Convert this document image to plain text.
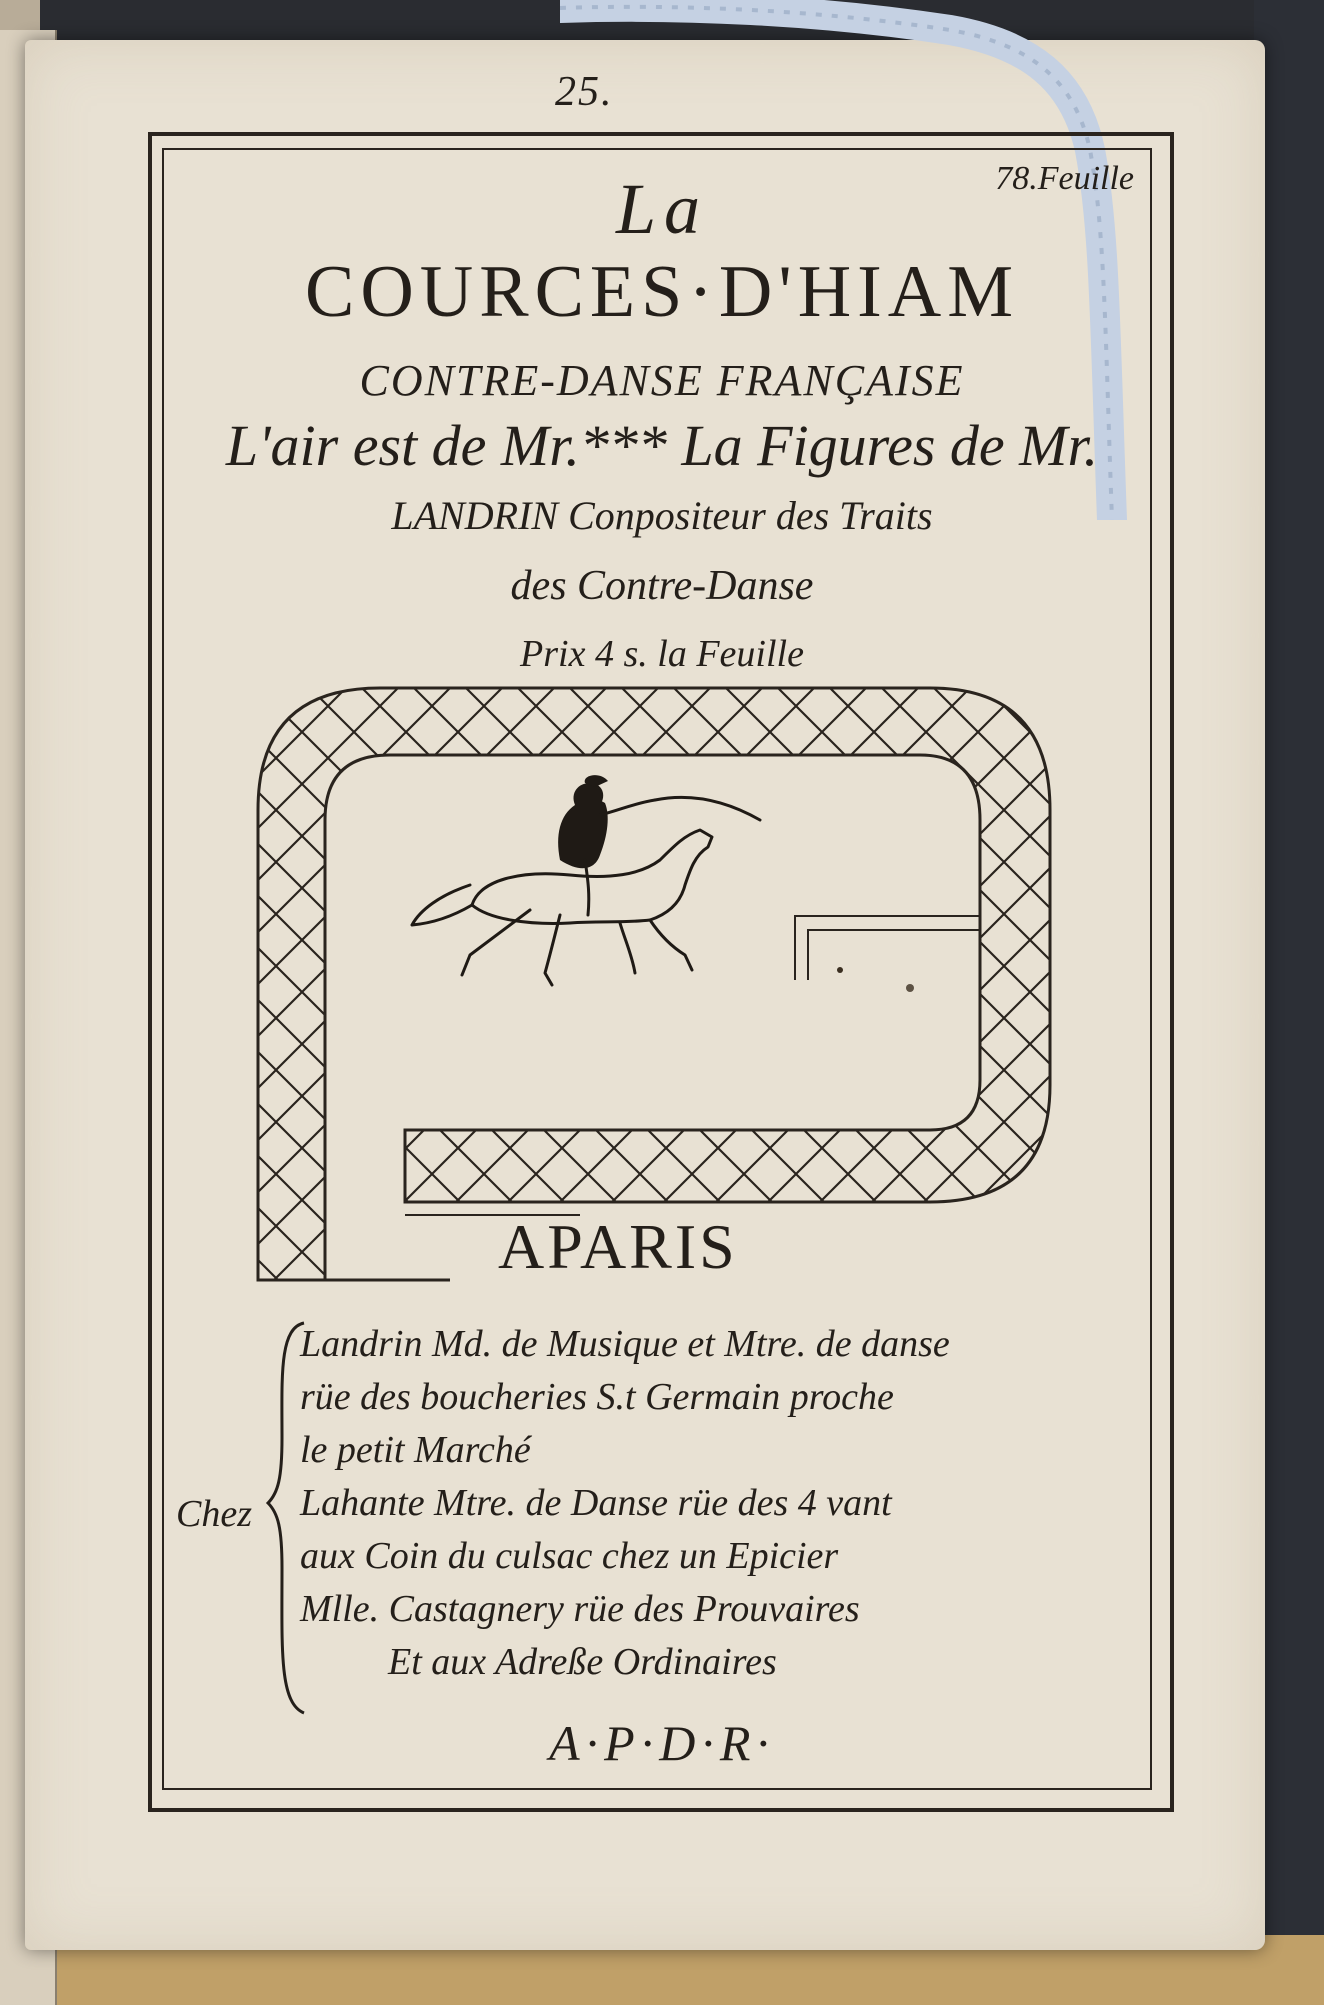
25.
78.Feuille
La
COURCES·D'HIAM
CONTRE-DANSE FRANÇAISE
L'air est de Mr.*** La Figures de Mr.
LANDRIN Conpositeur des Traits
des Contre-Danse
Prix 4 s. la Feuille
APARIS
Chez
Landrin Md. de Musique et Mtre. de danse
rüe des boucheries S.t Germain proche
le petit Marché
Lahante Mtre. de Danse rüe des 4 vant
aux Coin du culsac chez un Epicier
Mlle. Castagnery rüe des Prouvaires
Et aux Adreße Ordinaires
A·P·D·R·
